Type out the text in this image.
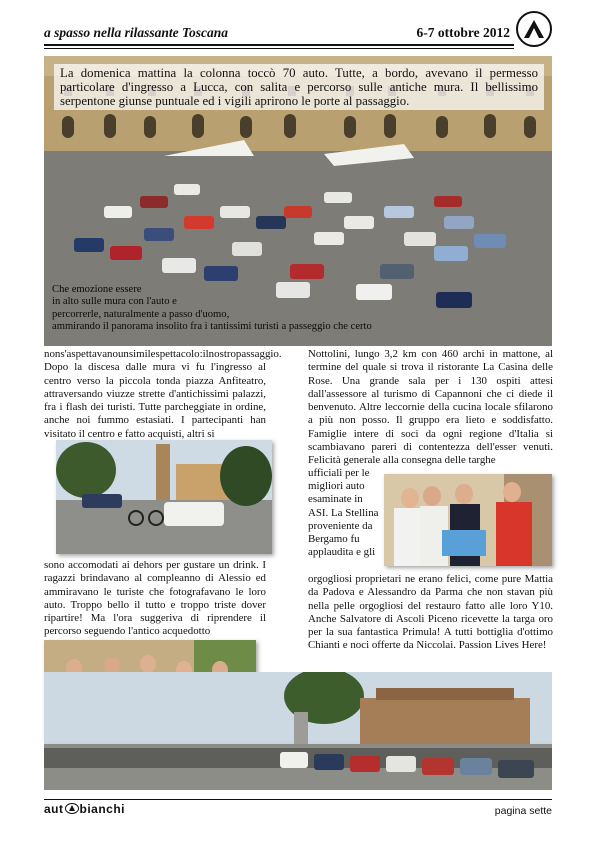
a spasso nella rilassante Toscana	6-7 ottobre 2012
La domenica mattina la colonna toccò 70 auto. Tutte, a bordo, avevano il permesso particolare d'ingresso a Lucca, con salita e percorso sulle antiche mura. Il bellissimo serpentone giunse puntuale ed i vigili aprirono le porte al passaggio.
Che emozione essere
in alto sulle mura con l'auto e
percorrerle, naturalmente a passo d'uomo,
ammirando il panorama insolito fra i tantissimi turisti a passeggio che certo
nons'aspettavanounsimilespettacolo:ilnostropassaggio. Dopo la discesa dalle mura vi fu l'ingresso al centro verso la piccola tonda piazza Anfiteatro, attraversando viuzze strette d'antichissimi palazzi, fra i flash dei turisti. Tutte parcheggiate in ordine, anche noi fummo estasiati. I partecipanti han visitato il centro e fatto acquisti, altri si
sono accomodati ai dehors per gustare un drink. I ragazzi brindavano al compleanno di Alessio ed ammiravano le turiste che fotografavano le loro auto. Troppo bello il tutto e troppo triste dover ripartire! Ma l'ora suggeriva di riprendere il percorso seguendo l'antico acquedotto
Nottolini, lungo 3,2 km con 460 archi in mattone, al termine del quale si trova il ristorante La Casina delle Rose. Una grande sala per i 130 ospiti attesi dall'assessore al turismo di Capannoni che ci diede il benvenuto. Altre leccornie della cucina locale sfilarono a più non posso. Il gruppo era lieto e soddisfatto. Famiglie intere di soci da ogni regione d'Italia si scambiavano pareri di contentezza dell'esser venuti. Felicità generale alla consegna delle targhe
ufficiali per le migliori auto esaminate in ASI. La Stellina proveniente da Bergamo fu applaudita e gli
orgogliosi proprietari ne erano felici, come pure Mattia da Padova e Alessandro da Parma che non stavan più nella pelle orgogliosi del restauro fatto alle loro Y10. Anche Salvatore di Ascoli Piceno ricevette la targa oro per la sua fantastica Primula! A tutti bottiglia d'ottimo Chianti e noci offerte da Niccolai. Passion Lives Here!
aut bianchi	pagina sette
